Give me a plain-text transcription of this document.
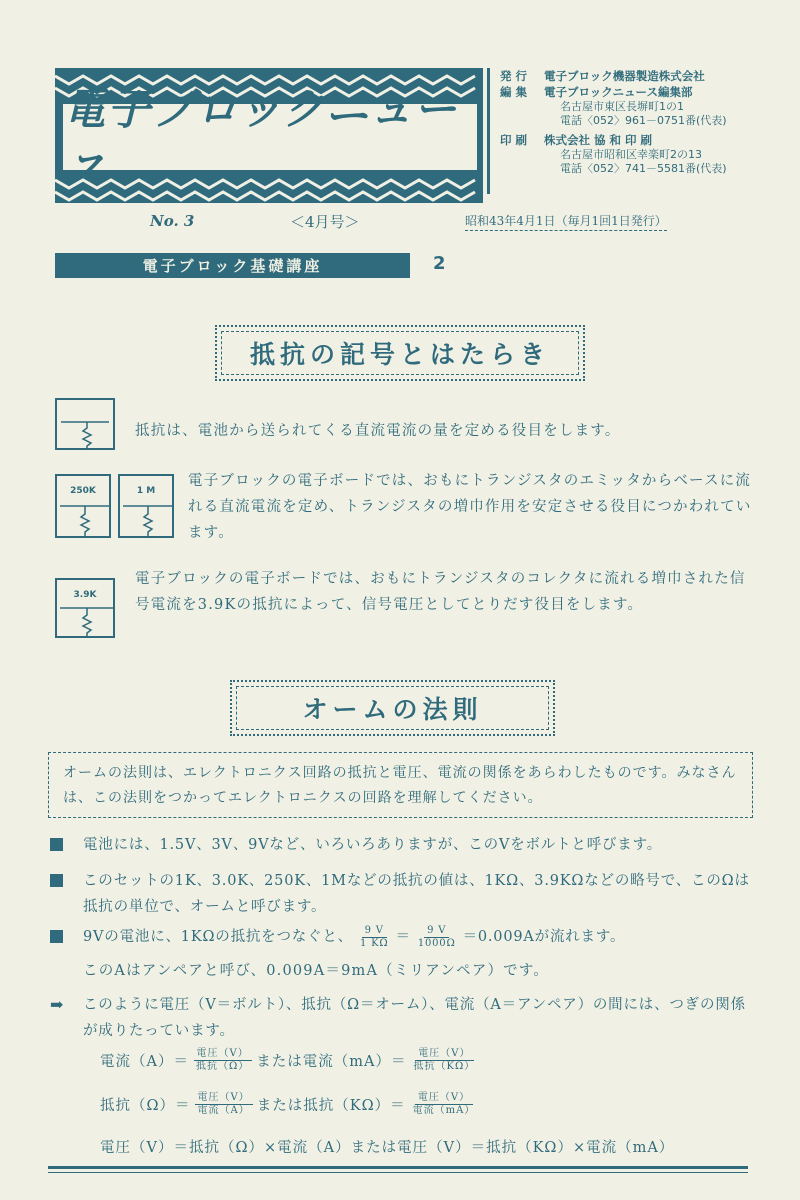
電子ブロックニュース
発行	電子ブロック機器製造株式会社
編集	電子ブロックニュース編集部
名古屋市東区長塀町1の1
電話〈052〉961－0751番(代表)
印刷	株式会社 協 和 印 刷
名古屋市昭和区幸楽町2の13
電話〈052〉741－5581番(代表)
No. 3	＜4月号＞	昭和43年4月1日（毎月1回1日発行）
電子ブロック基礎講座	2
抵抗の記号とはたらき
抵抗は、電池から送られてくる直流電流の量を定める役目をします。
250K	1 M
電子ブロックの電子ボードでは、おもにトランジスタのエミッタからベースに流れる直流電流を定め、トランジスタの増巾作用を安定させる役目につかわれています。
3.9K
電子ブロックの電子ボードでは、おもにトランジスタのコレクタに流れる増巾された信号電流を3.9Kの抵抗によって、信号電圧としてとりだす役目をします。
オームの法則
オームの法則は、エレクトロニクス回路の抵抗と電圧、電流の関係をあらわしたものです。みなさんは、この法則をつかってエレクトロニクスの回路を理解してください。
電池には、1.5V、3V、9Vなど、いろいろありますが、このVをボルトと呼びます。
このセットの1K、3.0K、250K、1Mなどの抵抗の値は、1KΩ、3.9KΩなどの略号で、このΩは抵抗の単位で、オームと呼びます。
9Vの電池に、1KΩの抵抗をつなぐと、 $\frac{9 V}{1 K\Omega} = \frac{9 V}{1000\Omega} =0.009A$が流れます。
このAはアンペアと呼び、0.009A＝9mA（ミリアンペア）です。
➡ このように電圧（V＝ボルト）、抵抗（Ω＝オーム）、電流（A＝アンペア）の間には、つぎの関係が成りたっています。
電流$(A)= \frac{\text{電圧（V）}}{\text{抵抗（Ω）}}$ または電流$(mA)= \frac{\text{電圧（V）}}{\text{抵抗（KΩ）}}$
抵抗$(\Omega)= \frac{\text{電圧（V）}}{\text{電流（A）}}$ または抵抗$(K\Omega)= \frac{\text{電圧（V）}}{\text{電流（mA）}}$
電圧（V）＝抵抗（Ω）×電流（A）または電圧（V）＝抵抗（KΩ）×電流（mA）
